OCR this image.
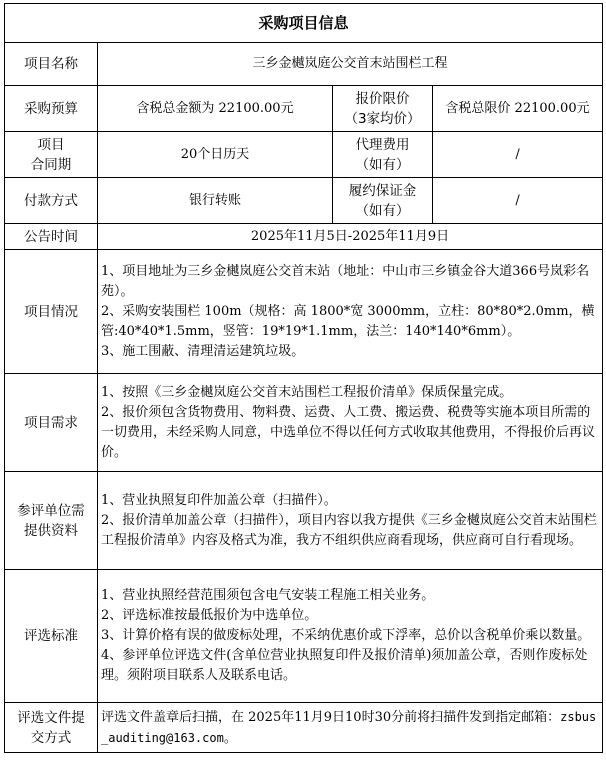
采购项目信息			
项目名称	三乡金樾岚庭公交首末站围栏工程		
采购预算	含税总金额为 22100.00元	报价限价
（3家均价）	含税总限价 22100.00元

项目
合同期	20个日历天	代理费用
（如有）	/
付款方式	银行转账	履约保证金
（如有）	/
公告时间	2025年11月5日-2025年11月9日		
项目情况	1、项目地址为三乡金樾岚庭公交首末站（地址：中山市三乡镇金谷大道366号岚彩名苑）。
2、采购安装围栏 100m（规格：高 1800*宽 3000mm，立柱：80*80*2.0mm，横管:40*40*1.5mm，竖管：19*19*1.1mm，法兰：140*140*6mm）。
3、施工围蔽、清理清运建筑垃圾。		

项目需求	1、按照《三乡金樾岚庭公交首末站围栏工程报价清单》保质保量完成。
2、报价须包含货物费用、物料费、运费、人工费、搬运费、税费等实施本项目所需的一切费用，未经采购人同意，中选单位不得以任何方式收取其他费用，不得报价后再议价。		

参评单位需
提供资料	1、营业执照复印件加盖公章（扫描件）。
2、报价清单加盖公章（扫描件），项目内容以我方提供《三乡金樾岚庭公交首末站围栏工程报价清单》内容及格式为准，我方不组织供应商看现场，供应商可自行看现场。		

评选标准	1、营业执照经营范围须包含电气安装工程施工相关业务。
2、评选标准按最低报价为中选单位。
3、计算价格有误的做废标处理，不采纳优惠价或下浮率，总价以含税单价乘以数量。
4、参评单位评选文件(含单位营业执照复印件及报价清单)须加盖公章，否则作废标处理。须附项目联系人及联系电话。		

评选文件提
交方式	评选文件盖章后扫描，在 2025年11月9日10时30分前将扫描件发到指定邮箱：zsbus_auditing@163.com。		
